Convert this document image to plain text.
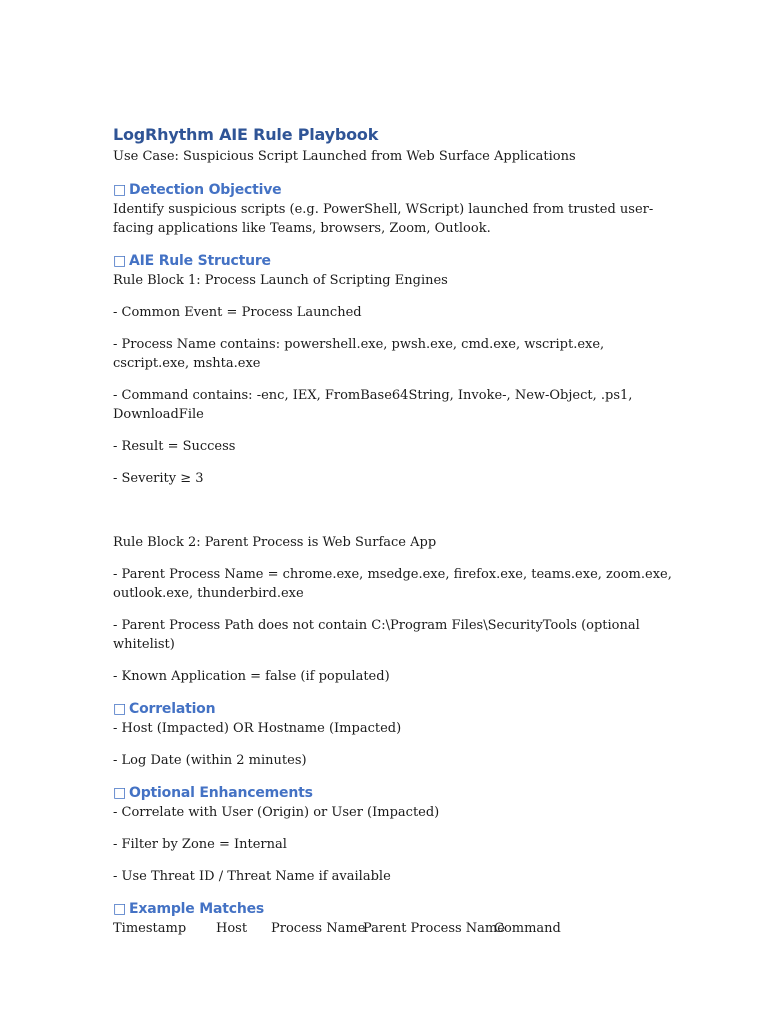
LogRhythm AIE Rule Playbook

Use Case: Suspicious Script Launched from Web Surface Applications

□ Detection Objective

Identify suspicious scripts (e.g. PowerShell, WScript) launched from trusted user-facing applications like Teams, browsers, Zoom, Outlook.

□ AIE Rule Structure

Rule Block 1: Process Launch of Scripting Engines

- Common Event = Process Launched

- Process Name contains: powershell.exe, pwsh.exe, cmd.exe, wscript.exe, cscript.exe, mshta.exe

- Command contains: -enc, IEX, FromBase64String, Invoke-, New-Object, .ps1, DownloadFile

- Result = Success

- Severity ≥ 3

Rule Block 2: Parent Process is Web Surface App

- Parent Process Name = chrome.exe, msedge.exe, firefox.exe, teams.exe, zoom.exe, outlook.exe, thunderbird.exe

- Parent Process Path does not contain C:\Program Files\SecurityTools (optional whitelist)

- Known Application = false (if populated)

□ Correlation

- Host (Impacted) OR Hostname (Impacted)

- Log Date (within 2 minutes)

□ Optional Enhancements

- Correlate with User (Origin) or User (Impacted)

- Filter by Zone = Internal

- Use Threat ID / Threat Name if available

□ Example Matches
Timestamp	Host	Process Name
Parent Process Name
Command
